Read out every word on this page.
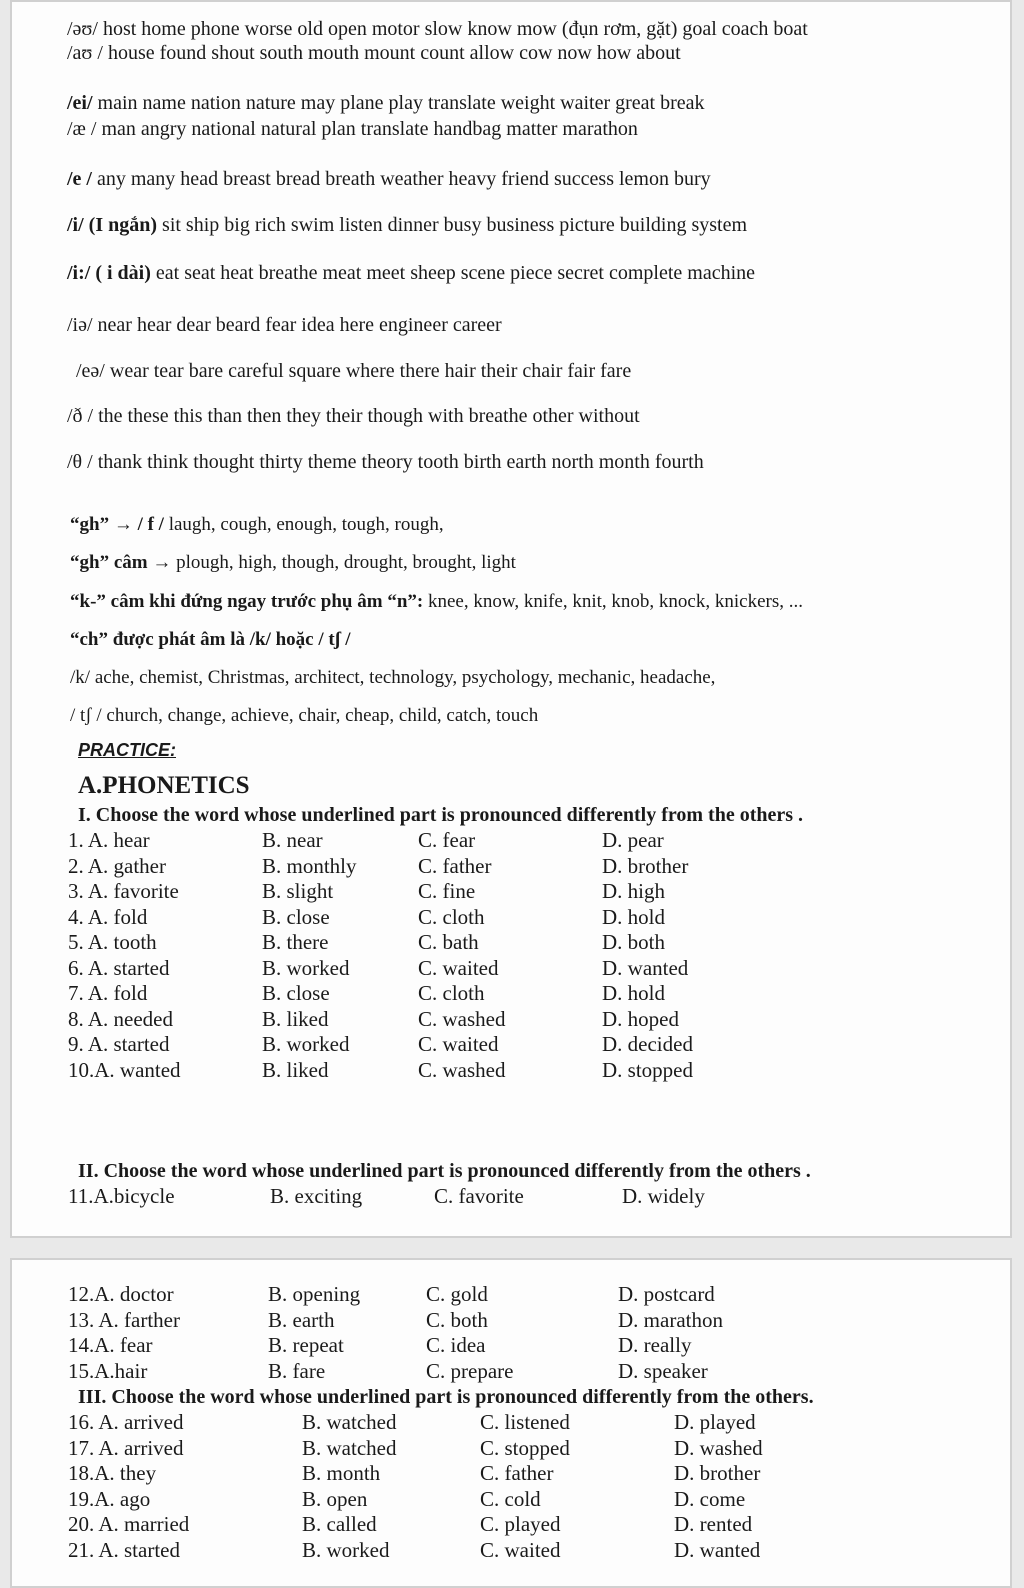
/əʊ/ host home phone worse old open motor slow know mow (đụn rơm, gặt) goal coach boat
/aʊ / house found shout south mouth mount count allow cow now how about
/ei/ main name nation nature may plane play translate weight waiter great break
/æ / man angry national natural plan translate handbag matter marathon
/e / any many head breast bread breath weather heavy friend success lemon bury
/i/ (I ngắn) sit ship big rich swim listen dinner busy business picture building system
/i:/ ( i dài) eat seat heat breathe meat meet sheep scene piece secret complete machine
/iə/ near hear dear beard fear idea here engineer career
/eə/ wear tear bare careful square where there hair their chair fair fare
/ð / the these this than then they their though with breathe other without
/θ / thank think thought thirty theme theory tooth birth earth north month fourth
“gh” → / f / laugh, cough, enough, tough, rough,
“gh” câm → plough, high, though, drought, brought, light
“k-” câm khi đứng ngay trước phụ âm “n”: knee, know, knife, knit, knob, knock, knickers, ...
“ch” được phát âm là /k/ hoặc / tʃ /
/k/ ache, chemist, Christmas, architect, technology, psychology, mechanic, headache,
/ tʃ / church, change, achieve, chair, cheap, child, catch, touch
PRACTICE:
A.PHONETICS
I. Choose the word whose underlined part is pronounced differently from the others .
1. A. hear	B. near	C. fear	D. pear
2. A. gather	B. monthly	C. father	D. brother
3. A. favorite	B. slight	C. fine	D. high
4. A. fold	B. close	C. cloth	D. hold
5. A. tooth	B. there	C. bath	D. both
6. A. started	B. worked	C. waited	D. wanted
7. A. fold	B. close	C. cloth	D. hold
8. A. needed	B. liked	C. washed	D. hoped
9. A. started	B. worked	C. waited	D. decided
10.A. wanted	B. liked	C. washed	D. stopped
II. Choose the word whose underlined part is pronounced differently from the others .
11.A.bicycle	B. exciting	C. favorite	D. widely
12.A. doctor	B. opening	C. gold	D. postcard
13. A. farther	B. earth	C. both	D. marathon
14.A. fear	B. repeat	C. idea	D. really
15.A.hair	B. fare	C. prepare	D. speaker
III. Choose the word whose underlined part is pronounced differently from the others.
16. A. arrived	B. watched	C. listened	D. played
17. A. arrived	B. watched	C. stopped	D. washed
18.A. they	B. month	C. father	D. brother
19.A. ago	B. open	C. cold	D. come
20. A. married	B. called	C. played	D. rented
21. A. started	B. worked	C. waited	D. wanted
